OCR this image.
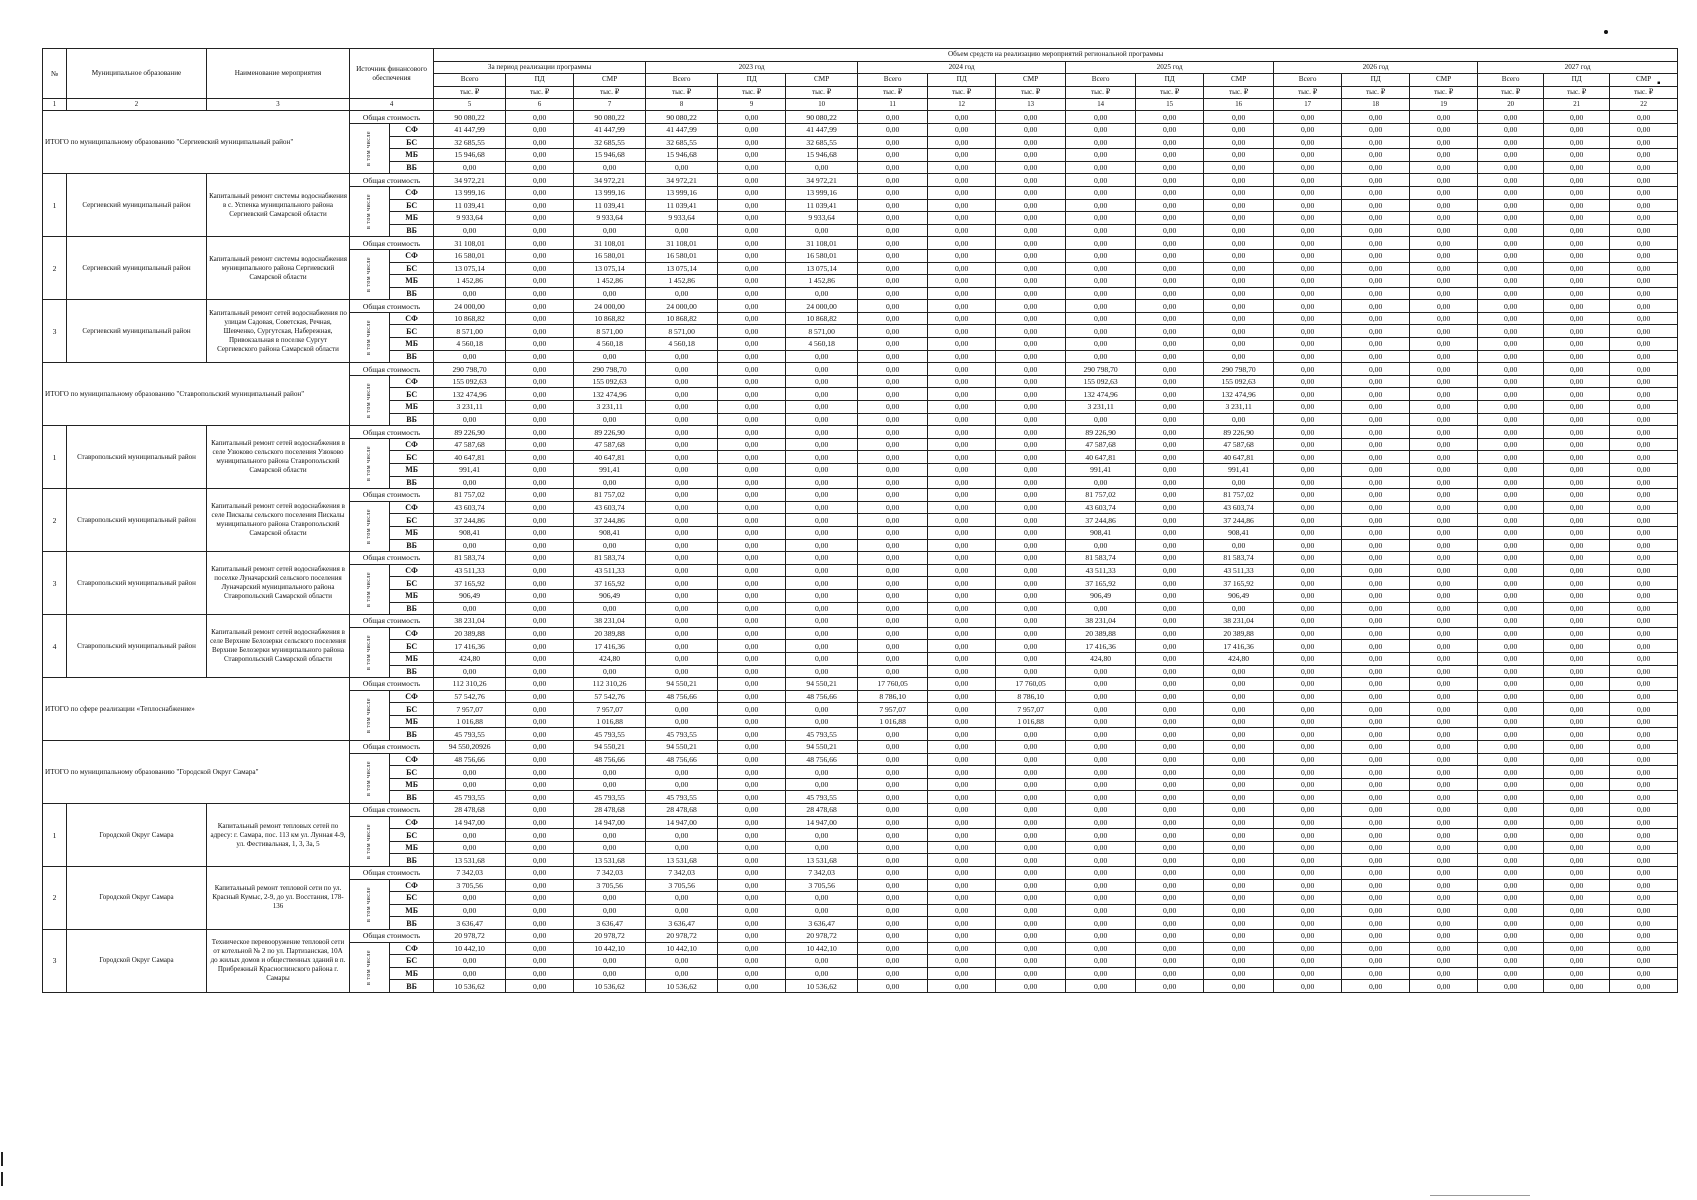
▪
№	Муниципальное образование	Наименование мероприятия	Источник финансового обеспечения		Объем средств на реализацию мероприятий региональной программы																	
					За период реализации программы			2023 год			2024 год			2025 год			2026 год			2027 год		
					Всего	ПД	СМР	Всего	ПД	СМР	Всего	ПД	СМР	Всего	ПД	СМР	Всего	ПД	СМР	Всего	ПД	СМР
					тыс. ₽	тыс. ₽	тыс. ₽	тыс. ₽	тыс. ₽	тыс. ₽	тыс. ₽	тыс. ₽	тыс. ₽	тыс. ₽	тыс. ₽	тыс. ₽	тыс. ₽	тыс. ₽	тыс. ₽	тыс. ₽	тыс. ₽	тыс. ₽
1	2	3	4		5	6	7	8	9	10	11	12	13	14	15	16	17	18	19	20	21	22
ИТОГО по муниципальному образованию "Сергиевский муниципальный район"			Общая стоимость		90 080,22	0,00	90 080,22	90 080,22	0,00	90 080,22	0,00	0,00	0,00	0,00	0,00	0,00	0,00	0,00	0,00	0,00	0,00	0,00
			в том числе	СФ	41 447,99	0,00	41 447,99	41 447,99	0,00	41 447,99	0,00	0,00	0,00	0,00	0,00	0,00	0,00	0,00	0,00	0,00	0,00	0,00
				БС	32 685,55	0,00	32 685,55	32 685,55	0,00	32 685,55	0,00	0,00	0,00	0,00	0,00	0,00	0,00	0,00	0,00	0,00	0,00	0,00
				МБ	15 946,68	0,00	15 946,68	15 946,68	0,00	15 946,68	0,00	0,00	0,00	0,00	0,00	0,00	0,00	0,00	0,00	0,00	0,00	0,00
				ВБ	0,00	0,00	0,00	0,00	0,00	0,00	0,00	0,00	0,00	0,00	0,00	0,00	0,00	0,00	0,00	0,00	0,00	0,00
1	Сергиевский муниципальный район	Капитальный ремонт системы водоснабжения в с. Успенка муниципального района Сергиевский Самарской области	Общая стоимость		34 972,21	0,00	34 972,21	34 972,21	0,00	34 972,21	0,00	0,00	0,00	0,00	0,00	0,00	0,00	0,00	0,00	0,00	0,00	0,00
			в том числе	СФ	13 999,16	0,00	13 999,16	13 999,16	0,00	13 999,16	0,00	0,00	0,00	0,00	0,00	0,00	0,00	0,00	0,00	0,00	0,00	0,00
				БС	11 039,41	0,00	11 039,41	11 039,41	0,00	11 039,41	0,00	0,00	0,00	0,00	0,00	0,00	0,00	0,00	0,00	0,00	0,00	0,00
				МБ	9 933,64	0,00	9 933,64	9 933,64	0,00	9 933,64	0,00	0,00	0,00	0,00	0,00	0,00	0,00	0,00	0,00	0,00	0,00	0,00
				ВБ	0,00	0,00	0,00	0,00	0,00	0,00	0,00	0,00	0,00	0,00	0,00	0,00	0,00	0,00	0,00	0,00	0,00	0,00
2	Сергиевский муниципальный район	Капитальный ремонт системы водоснабжения муниципального района Сергиевский Самарской области	Общая стоимость		31 108,01	0,00	31 108,01	31 108,01	0,00	31 108,01	0,00	0,00	0,00	0,00	0,00	0,00	0,00	0,00	0,00	0,00	0,00	0,00
			в том числе	СФ	16 580,01	0,00	16 580,01	16 580,01	0,00	16 580,01	0,00	0,00	0,00	0,00	0,00	0,00	0,00	0,00	0,00	0,00	0,00	0,00
				БС	13 075,14	0,00	13 075,14	13 075,14	0,00	13 075,14	0,00	0,00	0,00	0,00	0,00	0,00	0,00	0,00	0,00	0,00	0,00	0,00
				МБ	1 452,86	0,00	1 452,86	1 452,86	0,00	1 452,86	0,00	0,00	0,00	0,00	0,00	0,00	0,00	0,00	0,00	0,00	0,00	0,00
				ВБ	0,00	0,00	0,00	0,00	0,00	0,00	0,00	0,00	0,00	0,00	0,00	0,00	0,00	0,00	0,00	0,00	0,00	0,00
3	Сергиевский муниципальный район	Капитальный ремонт сетей водоснабжения по улицам Садовая, Советская, Речная, Шевченко, Сургутская, Набережная, Привокзальная в поселке Сургут Сергиевского района Самарской области	Общая стоимость		24 000,00	0,00	24 000,00	24 000,00	0,00	24 000,00	0,00	0,00	0,00	0,00	0,00	0,00	0,00	0,00	0,00	0,00	0,00	0,00
			в том числе	СФ	10 868,82	0,00	10 868,82	10 868,82	0,00	10 868,82	0,00	0,00	0,00	0,00	0,00	0,00	0,00	0,00	0,00	0,00	0,00	0,00
				БС	8 571,00	0,00	8 571,00	8 571,00	0,00	8 571,00	0,00	0,00	0,00	0,00	0,00	0,00	0,00	0,00	0,00	0,00	0,00	0,00
				МБ	4 560,18	0,00	4 560,18	4 560,18	0,00	4 560,18	0,00	0,00	0,00	0,00	0,00	0,00	0,00	0,00	0,00	0,00	0,00	0,00
				ВБ	0,00	0,00	0,00	0,00	0,00	0,00	0,00	0,00	0,00	0,00	0,00	0,00	0,00	0,00	0,00	0,00	0,00	0,00
ИТОГО по муниципальному образованию "Ставропольский муниципальный район"			Общая стоимость		290 798,70	0,00	290 798,70	0,00	0,00	0,00	0,00	0,00	0,00	290 798,70	0,00	290 798,70	0,00	0,00	0,00	0,00	0,00	0,00
			в том числе	СФ	155 092,63	0,00	155 092,63	0,00	0,00	0,00	0,00	0,00	0,00	155 092,63	0,00	155 092,63	0,00	0,00	0,00	0,00	0,00	0,00
				БС	132 474,96	0,00	132 474,96	0,00	0,00	0,00	0,00	0,00	0,00	132 474,96	0,00	132 474,96	0,00	0,00	0,00	0,00	0,00	0,00
				МБ	3 231,11	0,00	3 231,11	0,00	0,00	0,00	0,00	0,00	0,00	3 231,11	0,00	3 231,11	0,00	0,00	0,00	0,00	0,00	0,00
				ВБ	0,00	0,00	0,00	0,00	0,00	0,00	0,00	0,00	0,00	0,00	0,00	0,00	0,00	0,00	0,00	0,00	0,00	0,00
1	Ставропольский муниципальный район	Капитальный ремонт сетей водоснабжения в селе Узюково сельского поселения Узюково муниципального района Ставропольский Самарской области	Общая стоимость		89 226,90	0,00	89 226,90	0,00	0,00	0,00	0,00	0,00	0,00	89 226,90	0,00	89 226,90	0,00	0,00	0,00	0,00	0,00	0,00
			в том числе	СФ	47 587,68	0,00	47 587,68	0,00	0,00	0,00	0,00	0,00	0,00	47 587,68	0,00	47 587,68	0,00	0,00	0,00	0,00	0,00	0,00
				БС	40 647,81	0,00	40 647,81	0,00	0,00	0,00	0,00	0,00	0,00	40 647,81	0,00	40 647,81	0,00	0,00	0,00	0,00	0,00	0,00
				МБ	991,41	0,00	991,41	0,00	0,00	0,00	0,00	0,00	0,00	991,41	0,00	991,41	0,00	0,00	0,00	0,00	0,00	0,00
				ВБ	0,00	0,00	0,00	0,00	0,00	0,00	0,00	0,00	0,00	0,00	0,00	0,00	0,00	0,00	0,00	0,00	0,00	0,00
2	Ставропольский муниципальный район	Капитальный ремонт сетей водоснабжения в селе Пискалы сельского поселения Пискалы муниципального района Ставропольский Самарской области	Общая стоимость		81 757,02	0,00	81 757,02	0,00	0,00	0,00	0,00	0,00	0,00	81 757,02	0,00	81 757,02	0,00	0,00	0,00	0,00	0,00	0,00
			в том числе	СФ	43 603,74	0,00	43 603,74	0,00	0,00	0,00	0,00	0,00	0,00	43 603,74	0,00	43 603,74	0,00	0,00	0,00	0,00	0,00	0,00
				БС	37 244,86	0,00	37 244,86	0,00	0,00	0,00	0,00	0,00	0,00	37 244,86	0,00	37 244,86	0,00	0,00	0,00	0,00	0,00	0,00
				МБ	908,41	0,00	908,41	0,00	0,00	0,00	0,00	0,00	0,00	908,41	0,00	908,41	0,00	0,00	0,00	0,00	0,00	0,00
				ВБ	0,00	0,00	0,00	0,00	0,00	0,00	0,00	0,00	0,00	0,00	0,00	0,00	0,00	0,00	0,00	0,00	0,00	0,00
3	Ставропольский муниципальный район	Капитальный ремонт сетей водоснабжения в поселке Луначарский сельского поселения Луначарский муниципального района Ставропольский Самарской области	Общая стоимость		81 583,74	0,00	81 583,74	0,00	0,00	0,00	0,00	0,00	0,00	81 583,74	0,00	81 583,74	0,00	0,00	0,00	0,00	0,00	0,00
			в том числе	СФ	43 511,33	0,00	43 511,33	0,00	0,00	0,00	0,00	0,00	0,00	43 511,33	0,00	43 511,33	0,00	0,00	0,00	0,00	0,00	0,00
				БС	37 165,92	0,00	37 165,92	0,00	0,00	0,00	0,00	0,00	0,00	37 165,92	0,00	37 165,92	0,00	0,00	0,00	0,00	0,00	0,00
				МБ	906,49	0,00	906,49	0,00	0,00	0,00	0,00	0,00	0,00	906,49	0,00	906,49	0,00	0,00	0,00	0,00	0,00	0,00
				ВБ	0,00	0,00	0,00	0,00	0,00	0,00	0,00	0,00	0,00	0,00	0,00	0,00	0,00	0,00	0,00	0,00	0,00	0,00
4	Ставропольский муниципальный район	Капитальный ремонт сетей водоснабжения в селе Верхние Белозерки сельского поселения Верхние Белозерки муниципального района Ставропольский Самарской области	Общая стоимость		38 231,04	0,00	38 231,04	0,00	0,00	0,00	0,00	0,00	0,00	38 231,04	0,00	38 231,04	0,00	0,00	0,00	0,00	0,00	0,00
			в том числе	СФ	20 389,88	0,00	20 389,88	0,00	0,00	0,00	0,00	0,00	0,00	20 389,88	0,00	20 389,88	0,00	0,00	0,00	0,00	0,00	0,00
				БС	17 416,36	0,00	17 416,36	0,00	0,00	0,00	0,00	0,00	0,00	17 416,36	0,00	17 416,36	0,00	0,00	0,00	0,00	0,00	0,00
				МБ	424,80	0,00	424,80	0,00	0,00	0,00	0,00	0,00	0,00	424,80	0,00	424,80	0,00	0,00	0,00	0,00	0,00	0,00
				ВБ	0,00	0,00	0,00	0,00	0,00	0,00	0,00	0,00	0,00	0,00	0,00	0,00	0,00	0,00	0,00	0,00	0,00	0,00
ИТОГО по сфере реализации «Теплоснабжение»			Общая стоимость		112 310,26	0,00	112 310,26	94 550,21	0,00	94 550,21	17 760,05	0,00	17 760,05	0,00	0,00	0,00	0,00	0,00	0,00	0,00	0,00	0,00
			в том числе	СФ	57 542,76	0,00	57 542,76	48 756,66	0,00	48 756,66	8 786,10	0,00	8 786,10	0,00	0,00	0,00	0,00	0,00	0,00	0,00	0,00	0,00
				БС	7 957,07	0,00	7 957,07	0,00	0,00	0,00	7 957,07	0,00	7 957,07	0,00	0,00	0,00	0,00	0,00	0,00	0,00	0,00	0,00
				МБ	1 016,88	0,00	1 016,88	0,00	0,00	0,00	1 016,88	0,00	1 016,88	0,00	0,00	0,00	0,00	0,00	0,00	0,00	0,00	0,00
				ВБ	45 793,55	0,00	45 793,55	45 793,55	0,00	45 793,55	0,00	0,00	0,00	0,00	0,00	0,00	0,00	0,00	0,00	0,00	0,00	0,00
ИТОГО по муниципальному образованию "Городской Округ Самара"			Общая стоимость		94 550,20926	0,00	94 550,21	94 550,21	0,00	94 550,21	0,00	0,00	0,00	0,00	0,00	0,00	0,00	0,00	0,00	0,00	0,00	0,00
			в том числе	СФ	48 756,66	0,00	48 756,66	48 756,66	0,00	48 756,66	0,00	0,00	0,00	0,00	0,00	0,00	0,00	0,00	0,00	0,00	0,00	0,00
				БС	0,00	0,00	0,00	0,00	0,00	0,00	0,00	0,00	0,00	0,00	0,00	0,00	0,00	0,00	0,00	0,00	0,00	0,00
				МБ	0,00	0,00	0,00	0,00	0,00	0,00	0,00	0,00	0,00	0,00	0,00	0,00	0,00	0,00	0,00	0,00	0,00	0,00
				ВБ	45 793,55	0,00	45 793,55	45 793,55	0,00	45 793,55	0,00	0,00	0,00	0,00	0,00	0,00	0,00	0,00	0,00	0,00	0,00	0,00
1	Городской Округ Самара	Капитальный ремонт тепловых сетей по адресу: г. Самара, пос. 113 км ул. Лунная 4-9, ул. Фестивальная, 1, 3, 3а, 5	Общая стоимость		28 478,68	0,00	28 478,68	28 478,68	0,00	28 478,68	0,00	0,00	0,00	0,00	0,00	0,00	0,00	0,00	0,00	0,00	0,00	0,00
			в том числе	СФ	14 947,00	0,00	14 947,00	14 947,00	0,00	14 947,00	0,00	0,00	0,00	0,00	0,00	0,00	0,00	0,00	0,00	0,00	0,00	0,00
				БС	0,00	0,00	0,00	0,00	0,00	0,00	0,00	0,00	0,00	0,00	0,00	0,00	0,00	0,00	0,00	0,00	0,00	0,00
				МБ	0,00	0,00	0,00	0,00	0,00	0,00	0,00	0,00	0,00	0,00	0,00	0,00	0,00	0,00	0,00	0,00	0,00	0,00
				ВБ	13 531,68	0,00	13 531,68	13 531,68	0,00	13 531,68	0,00	0,00	0,00	0,00	0,00	0,00	0,00	0,00	0,00	0,00	0,00	0,00
2	Городской Округ Самара	Капитальный ремонт тепловой сети по ул. Красный Кумыс, 2-9, до ул. Восстания, 178-136	Общая стоимость		7 342,03	0,00	7 342,03	7 342,03	0,00	7 342,03	0,00	0,00	0,00	0,00	0,00	0,00	0,00	0,00	0,00	0,00	0,00	0,00
			в том числе	СФ	3 705,56	0,00	3 705,56	3 705,56	0,00	3 705,56	0,00	0,00	0,00	0,00	0,00	0,00	0,00	0,00	0,00	0,00	0,00	0,00
				БС	0,00	0,00	0,00	0,00	0,00	0,00	0,00	0,00	0,00	0,00	0,00	0,00	0,00	0,00	0,00	0,00	0,00	0,00
				МБ	0,00	0,00	0,00	0,00	0,00	0,00	0,00	0,00	0,00	0,00	0,00	0,00	0,00	0,00	0,00	0,00	0,00	0,00
				ВБ	3 636,47	0,00	3 636,47	3 636,47	0,00	3 636,47	0,00	0,00	0,00	0,00	0,00	0,00	0,00	0,00	0,00	0,00	0,00	0,00
3	Городской Округ Самара	Техническое перевооружение тепловой сети от котельной № 2 по ул. Партизанская, 10А до жилых домов и общественных зданий в п. Прибрежный Красноглинского района г. Самары	Общая стоимость		20 978,72	0,00	20 978,72	20 978,72	0,00	20 978,72	0,00	0,00	0,00	0,00	0,00	0,00	0,00	0,00	0,00	0,00	0,00	0,00
			в том числе	СФ	10 442,10	0,00	10 442,10	10 442,10	0,00	10 442,10	0,00	0,00	0,00	0,00	0,00	0,00	0,00	0,00	0,00	0,00	0,00	0,00
				БС	0,00	0,00	0,00	0,00	0,00	0,00	0,00	0,00	0,00	0,00	0,00	0,00	0,00	0,00	0,00	0,00	0,00	0,00
				МБ	0,00	0,00	0,00	0,00	0,00	0,00	0,00	0,00	0,00	0,00	0,00	0,00	0,00	0,00	0,00	0,00	0,00	0,00
				ВБ	10 536,62	0,00	10 536,62	10 536,62	0,00	10 536,62	0,00	0,00	0,00	0,00	0,00	0,00	0,00	0,00	0,00	0,00	0,00	0,00
